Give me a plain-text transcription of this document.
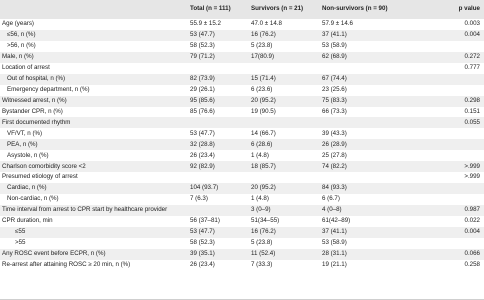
	Total (n = 111)	Survivors (n = 21)	Non-survivors (n = 90)	p value
Age (years)	55.9 ± 15.2	47.0 ± 14.8	57.9 ± 14.6	0.003
≤56, n (%)	53 (47.7)	16 (76.2)	37 (41.1)	0.004
>56, n (%)	58 (52.3)	5 (23.8)	53 (58.9)	
Male, n (%)	79 (71.2)	17(80.9)	62 (68.9)	0.272
Location of arrest				0.777
Out of hospital, n (%)	82 (73.9)	15 (71.4)	67 (74.4)	
Emergency department, n (%)	29 (26.1)	6 (23.6)	23 (25.6)	
Witnessed arrest, n (%)	95 (85.6)	20 (95.2)	75 (83.3)	0.298
Bystander CPR, n (%)	85 (76.6)	19 (90.5)	66 (73.3)	0.151
First documented rhythm				0.055
VF/VT, n (%)	53 (47.7)	14 (66.7)	39 (43.3)	
PEA, n (%)	32 (28.8)	6 (28.6)	26 (28.9)	
Asystole, n (%)	26 (23.4)	1 (4.8)	25 (27.8)	
Charlson comorbidity score <2	92 (82.9)	18 (85.7)	74 (82.2)	>.999
Presumed etiology of arrest				>.999
Cardiac, n (%)	104 (93.7)	20 (95.2)	84 (93.3)	
Non-cardiac, n (%)	7 (6.3)	1 (4.8)	6 (6.7)	
Time interval from arrest to CPR start by healthcare provider		3 (0–9)	4 (0–8)	0.987
CPR duration, min	56 (37–81)	51(34–55)	61(42–89)	0.022
≤55	53 (47.7)	16 (76.2)	37 (41.1)	0.004
>55	58 (52.3)	5 (23.8)	53 (58.9)	
Any ROSC event before ECPR, n (%)	39 (35.1)	11 (52.4)	28 (31.1)	0.066
Re-arrest after attaining ROSC ≥ 20 min, n (%)	26 (23.4)	7 (33.3)	19 (21.1)	0.258
